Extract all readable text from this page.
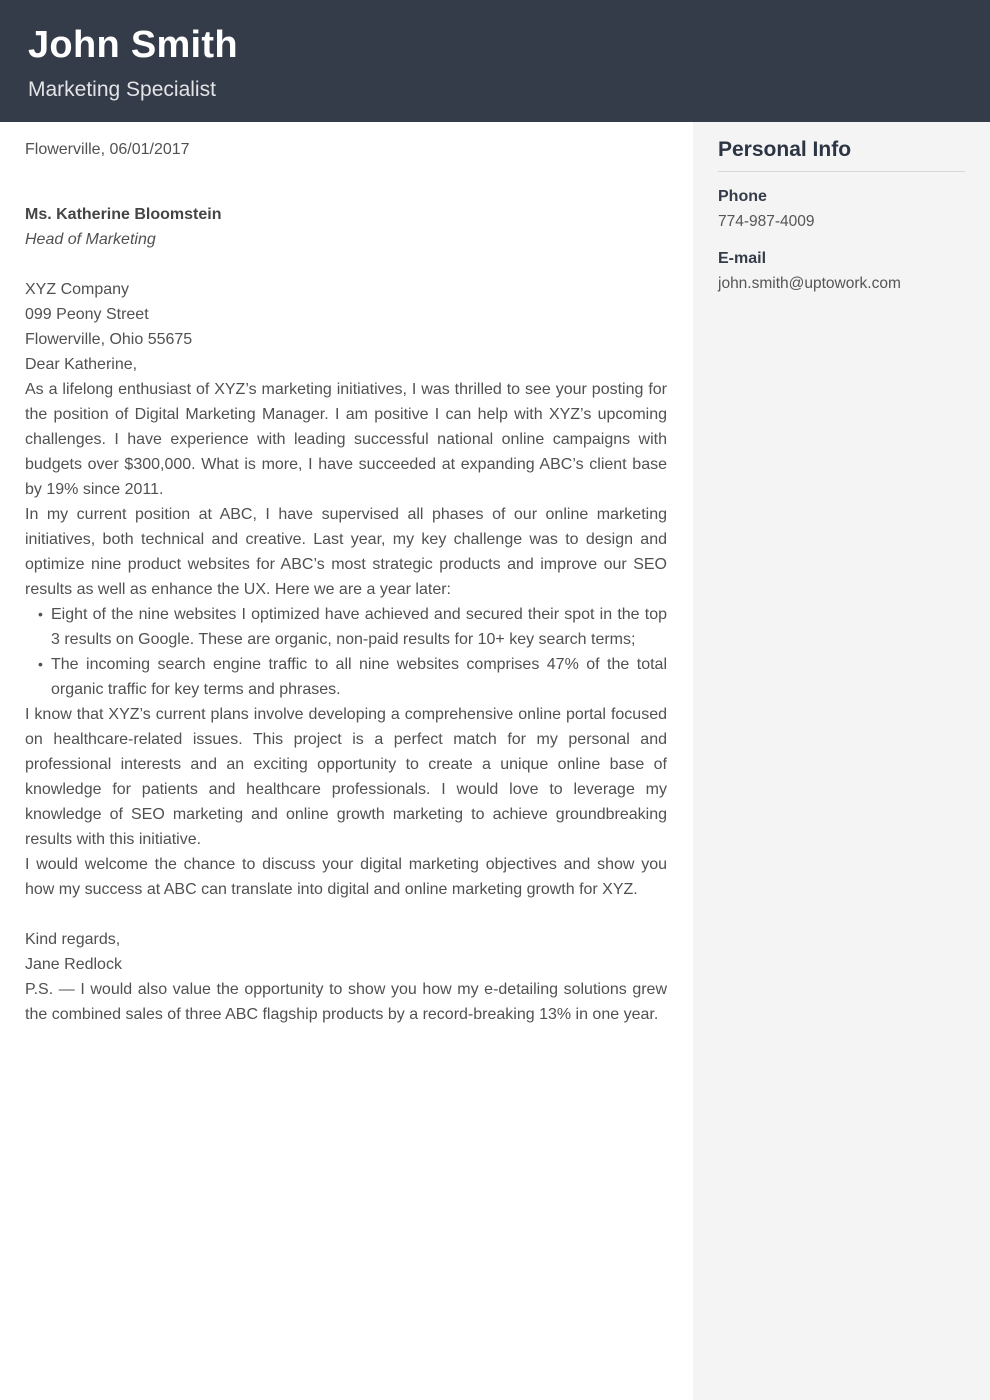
John Smith
Marketing Specialist

Flowerville, 06/01/2017

Ms. Katherine Bloomstein

Head of Marketing

XYZ Company

099 Peony Street

Flowerville, Ohio 55675

Dear Katherine,

As a lifelong enthusiast of XYZ’s marketing initiatives, I was thrilled to see your posting for the position of Digital Marketing Manager. I am positive I can help with XYZ’s upcoming challenges. I have experience with leading successful national online campaigns with budgets over $300,000. What is more, I have succeeded at expanding ABC’s client base by 19% since 2011.

In my current position at ABC, I have supervised all phases of our online marketing initiatives, both technical and creative. Last year, my key challenge was to design and optimize nine product websites for ABC’s most strategic products and improve our SEO results as well as enhance the UX. Here we are a year later:

• Eight of the nine websites I optimized have achieved and secured their spot in the top 3 results on Google. These are organic, non-paid results for 10+ key search terms;
• The incoming search engine traffic to all nine websites comprises 47% of the total organic traffic for key terms and phrases.

I know that XYZ’s current plans involve developing a comprehensive online portal focused on healthcare-related issues. This project is a perfect match for my personal and professional interests and an exciting opportunity to create a unique online base of knowledge for patients and healthcare professionals. I would love to leverage my knowledge of SEO marketing and online growth marketing to achieve groundbreaking results with this initiative.

I would welcome the chance to discuss your digital marketing objectives and show you how my success at ABC can translate into digital and online marketing growth for XYZ.

Kind regards,

Jane Redlock

P.S. — I would also value the opportunity to show you how my e-detailing solutions grew the combined sales of three ABC flagship products by a record-breaking 13% in one year.

Personal Info
Phone
774-987-4009
E-mail
john.smith@uptowork.com
